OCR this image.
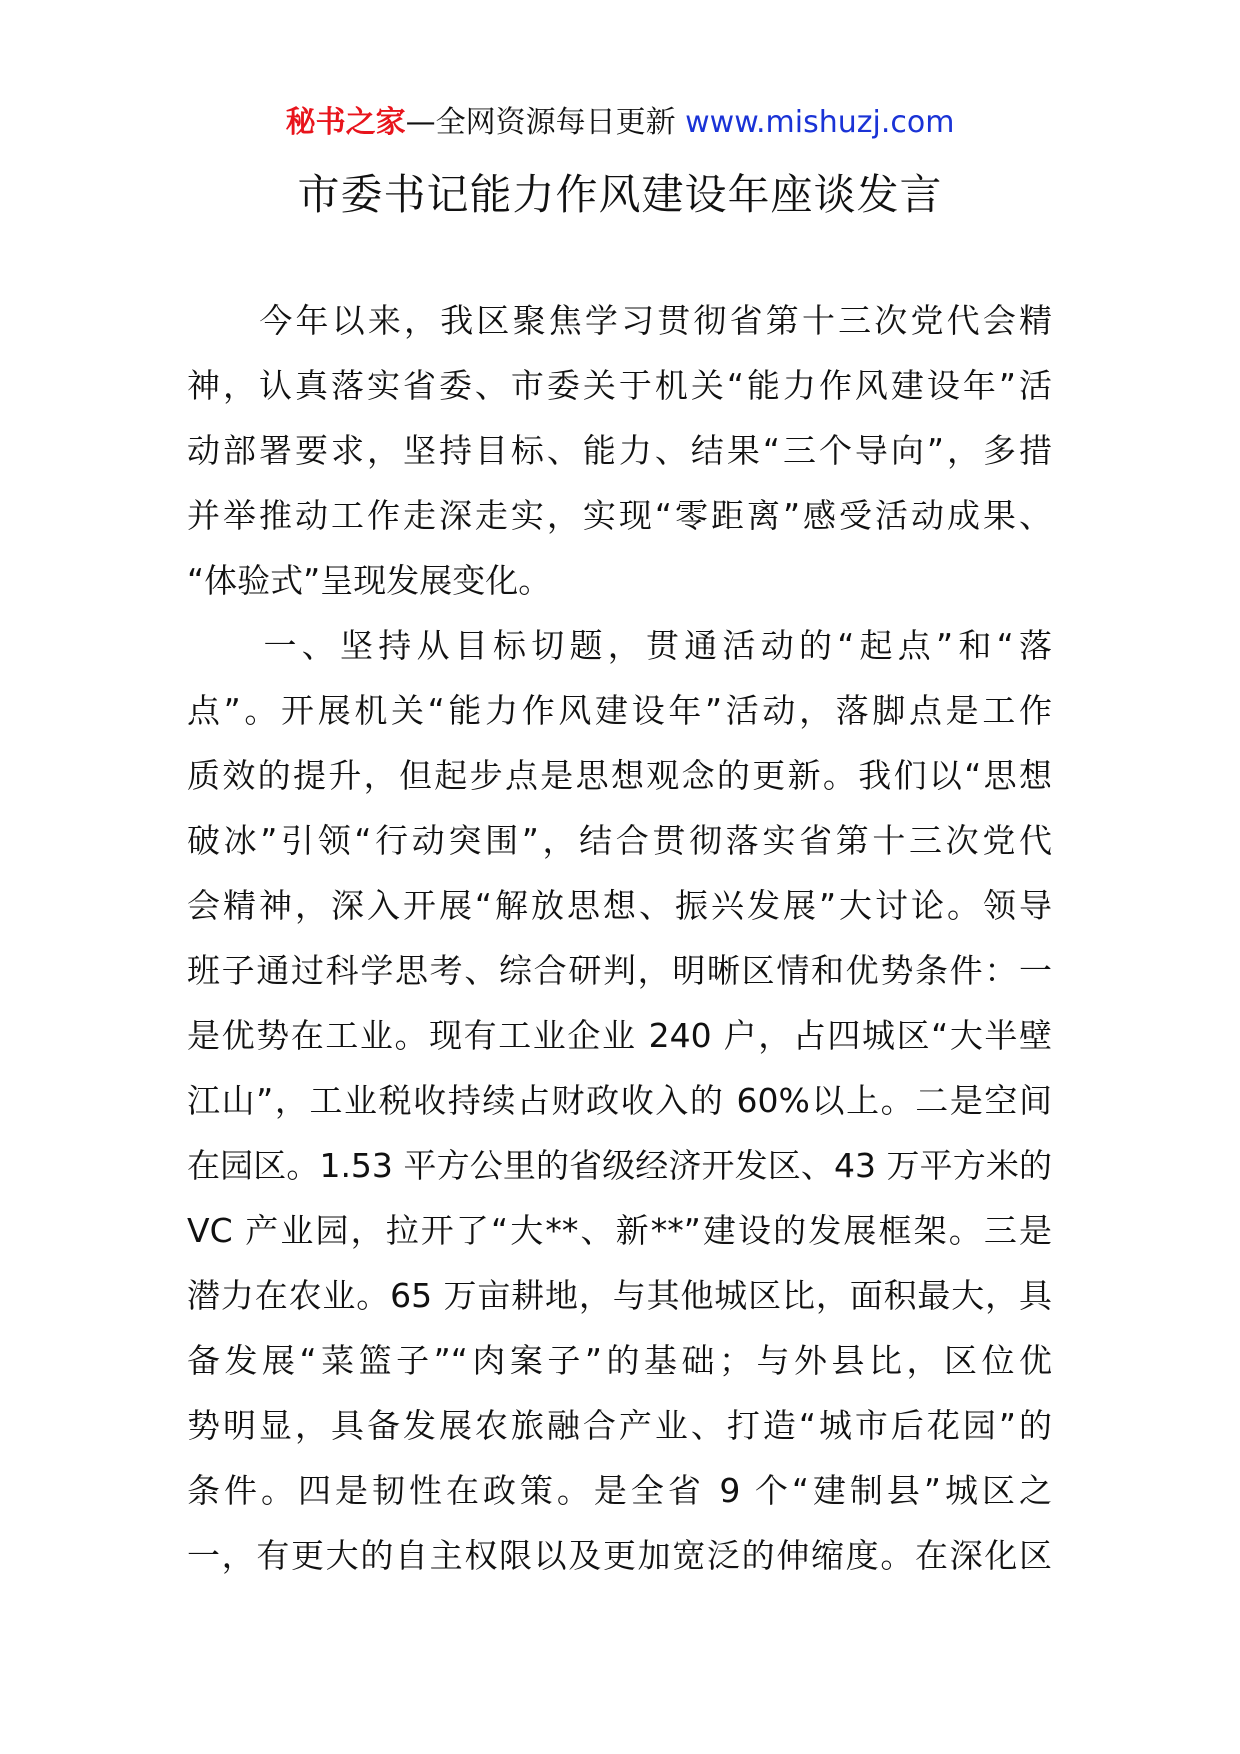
秘书之家—全网资源每日更新 www.mishuzj.com
市委书记能力作风建设年座谈发言
　　今年以来，我区聚焦学习贯彻省第十三次党代会精
神，认真落实省委、市委关于机关“能力作风建设年”活
动部署要求，坚持目标、能力、结果“三个导向”，多措
并举推动工作走深走实，实现“零距离”感受活动成果、
“体验式”呈现发展变化。
　　一、坚持从目标切题，贯通活动的“起点”和“落
点”。开展机关“能力作风建设年”活动，落脚点是工作
质效的提升，但起步点是思想观念的更新。我们以“思想
破冰”引领“行动突围”，结合贯彻落实省第十三次党代
会精神，深入开展“解放思想、振兴发展”大讨论。领导
班子通过科学思考、综合研判，明晰区情和优势条件：一
是优势在工业。现有工业企业 240 户，占四城区“大半壁
江山”，工业税收持续占财政收入的 60%以上。二是空间
在园区。1.53 平方公里的省级经济开发区、43 万平方米的
VC 产业园，拉开了“大**、新**”建设的发展框架。三是
潜力在农业。65 万亩耕地，与其他城区比，面积最大，具
备发展“菜篮子”“肉案子”的基础；与外县比，区位优
势明显，具备发展农旅融合产业、打造“城市后花园”的
条件。四是韧性在政策。是全省 9 个“建制县”城区之
一，有更大的自主权限以及更加宽泛的伸缩度。在深化区
